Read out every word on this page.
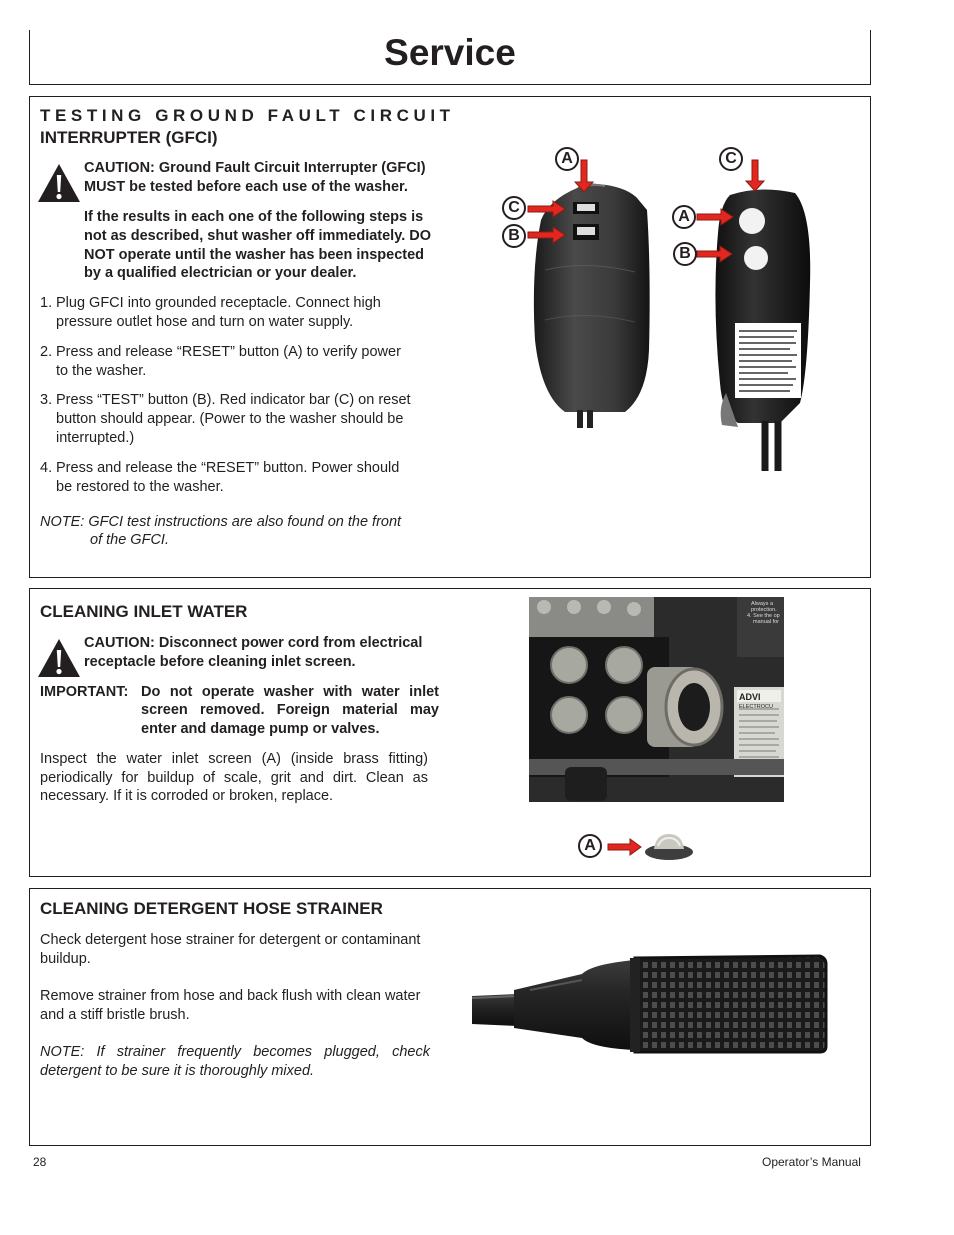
Service
TESTING GROUND FAULT CIRCUIT
INTERRUPTER (GFCI)
CAUTION: Ground Fault Circuit Interrupter (GFCI)
MUST be tested before each use of the washer.
If the results in each one of the following steps is
not as described, shut washer off immediately. DO
NOT operate until the washer has been inspected
by a qualified electrician or your dealer.
1. Plug GFCI into grounded receptacle. Connect high
pressure outlet hose and turn on water supply.
2. Press and release “RESET” button (A) to verify power
to the washer.
3. Press “TEST” button (B). Red indicator bar (C) on reset
button should appear. (Power to the washer should be
interrupted.)
4. Press and release the “RESET” button. Power should
be restored to the washer.
NOTE: GFCI test instructions are also found on the front
of the GFCI.
A	C
C
B
A
B
CLEANING INLET WATER
CAUTION: Disconnect power cord from electrical
receptacle before cleaning inlet screen.
IMPORTANT: Do not operate washer with water inlet
screen removed. Foreign material may
enter and damage pump or valves.
Inspect the water inlet screen (A) (inside brass fitting)
periodically for buildup of scale, grit and dirt. Clean as
necessary. If it is corroded or broken, replace.
Always a
protection.
4. See the op
manual for
ADVI
ELECTROCU
A
CLEANING DETERGENT HOSE STRAINER
Check detergent hose strainer for detergent or contaminant
buildup.
Remove strainer from hose and back flush with clean water
and a stiff bristle brush.
NOTE: If strainer frequently becomes plugged, check
detergent to be sure it is thoroughly mixed.
28	Operator’s Manual
